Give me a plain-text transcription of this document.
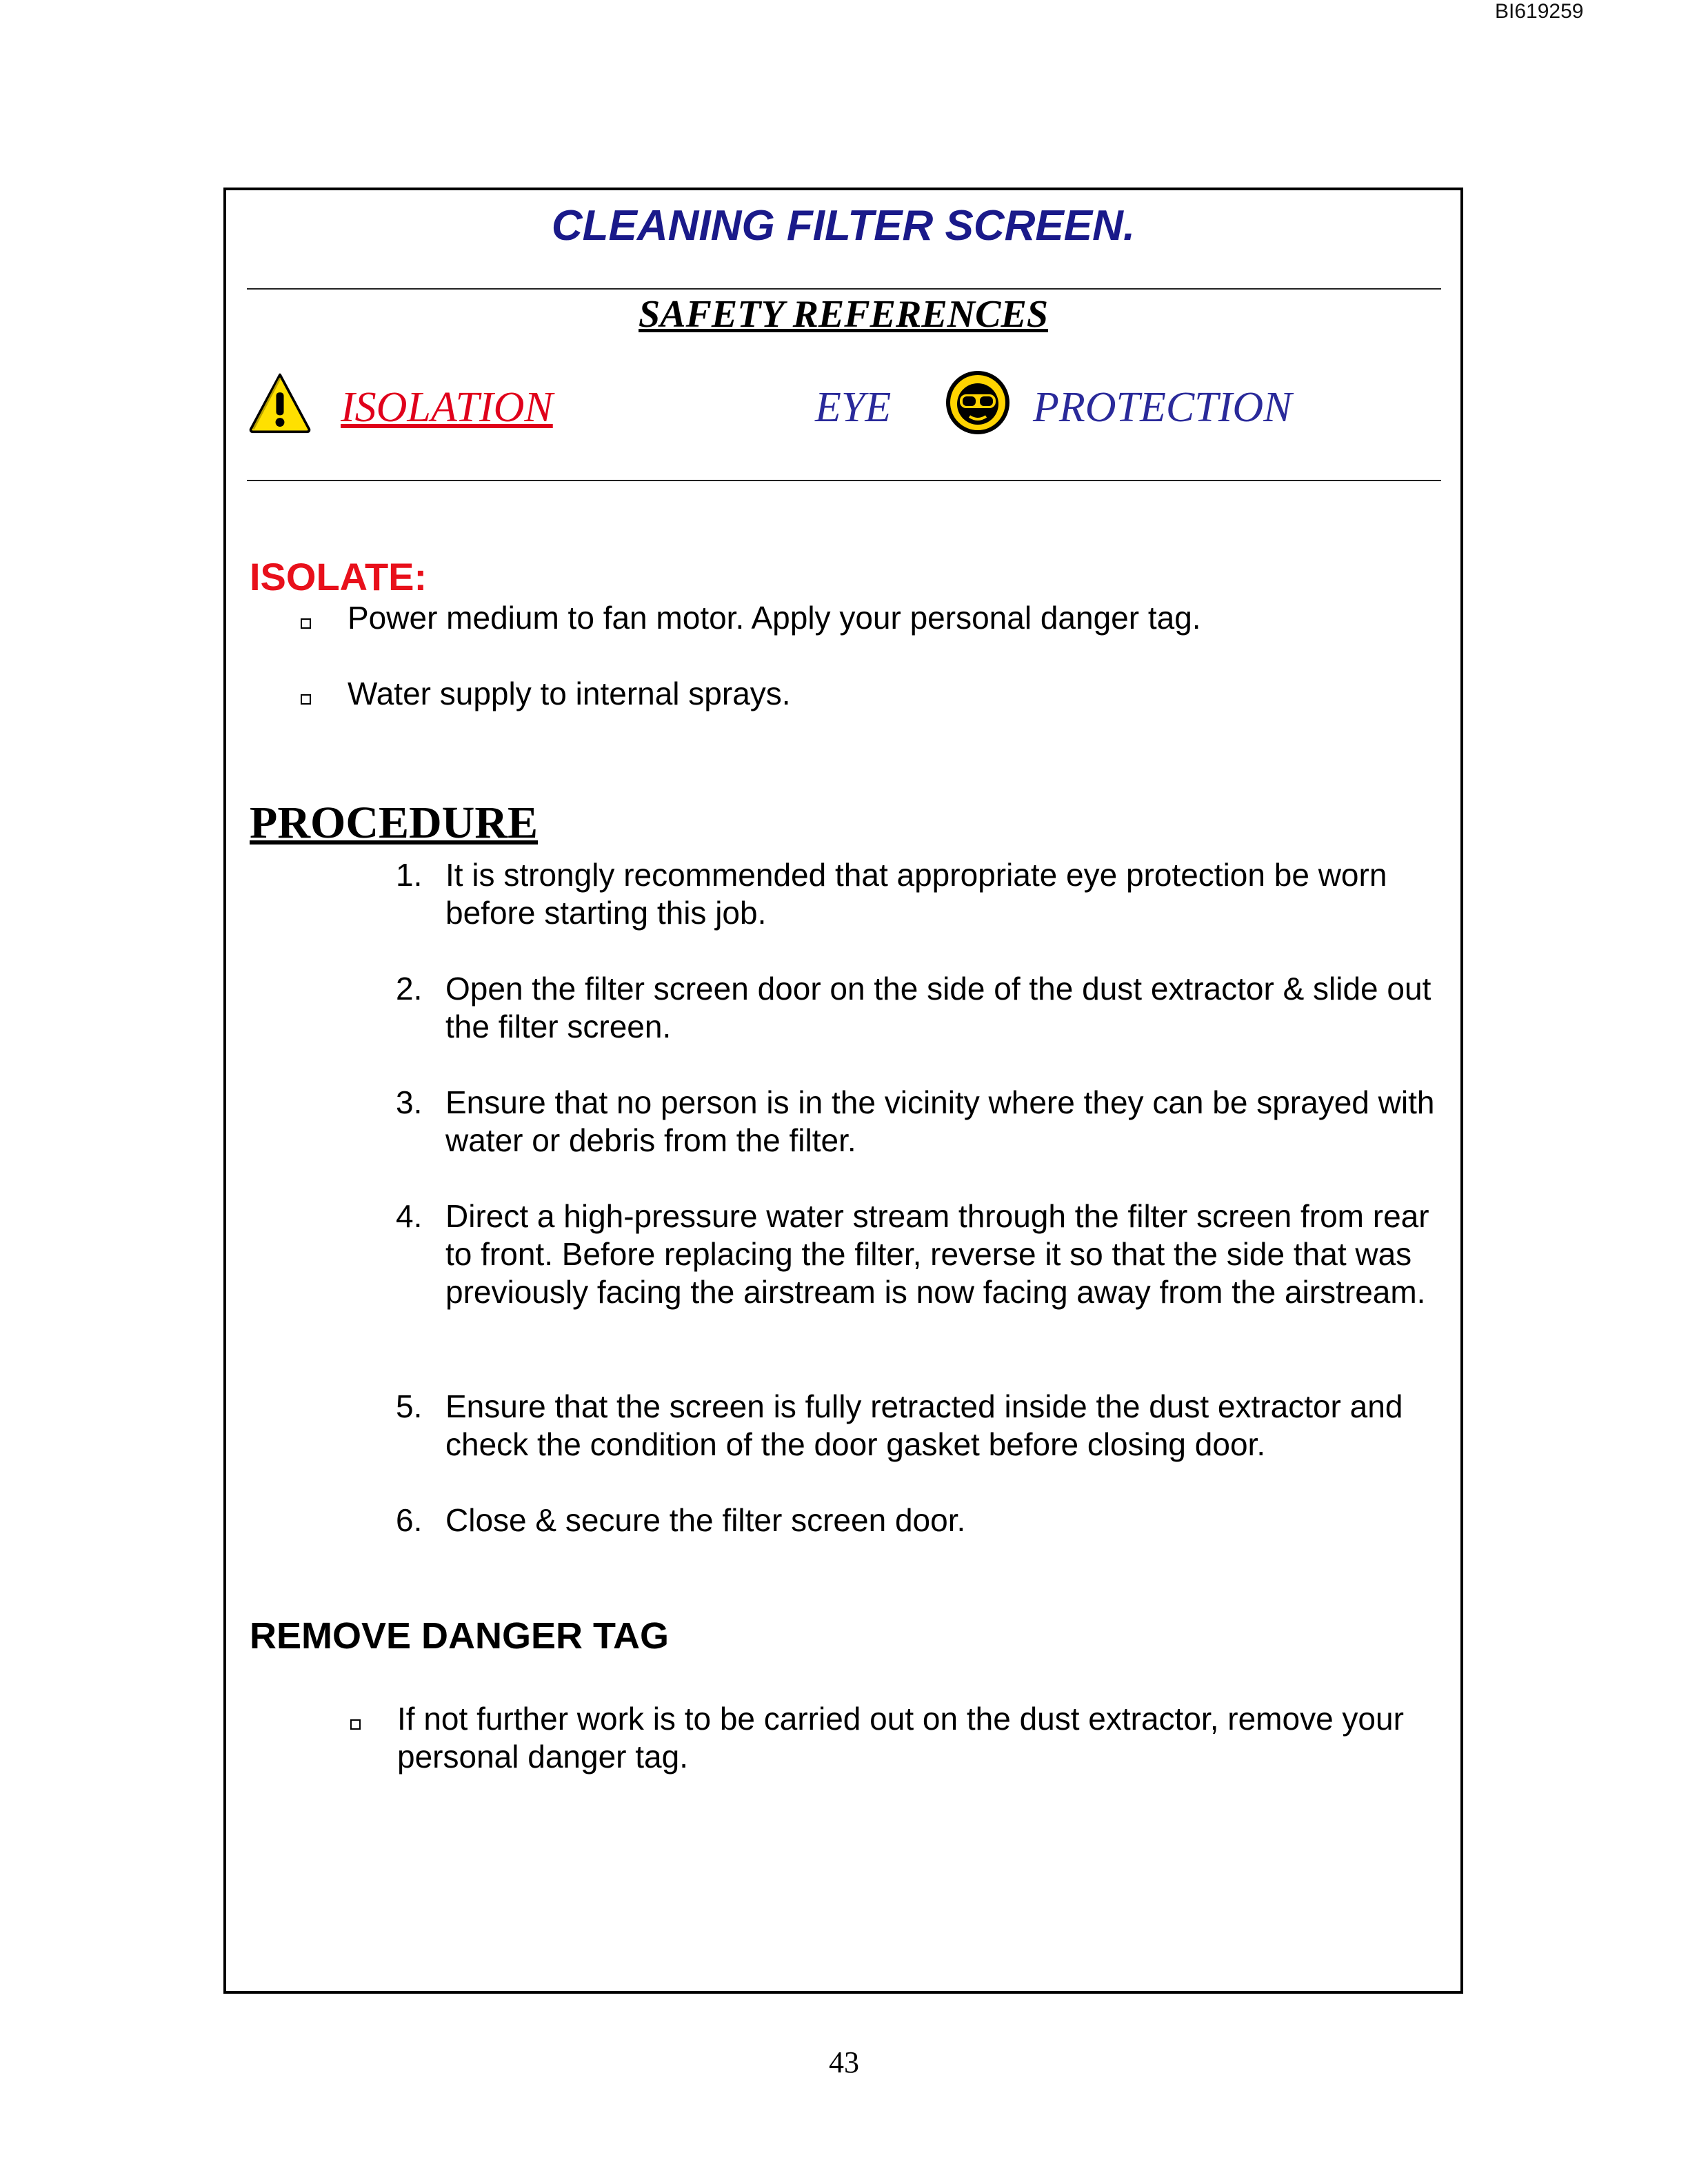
BI619259
CLEANING FILTER SCREEN.
SAFETY REFERENCES
ISOLATION	EYE	PROTECTION
ISOLATE:
Power medium to fan motor. Apply your personal danger tag.
Water supply to internal sprays.
PROCEDURE
1. It is strongly recommended that appropriate eye protection be worn before starting this job.
2. Open the filter screen door on the side of the dust extractor & slide out the filter screen.
3. Ensure that no person is in the vicinity where they can be sprayed with water or debris from the filter.
4. Direct a high-pressure water stream through the filter screen from rear to front. Before replacing the filter, reverse it so that the side that was previously facing the airstream is now facing away from the airstream.
5. Ensure that the screen is fully retracted inside the dust extractor and check the condition of the door gasket before closing door.
6. Close & secure the filter screen door.
REMOVE DANGER TAG
If not further work is to be carried out on the dust extractor, remove your personal danger tag.
43
